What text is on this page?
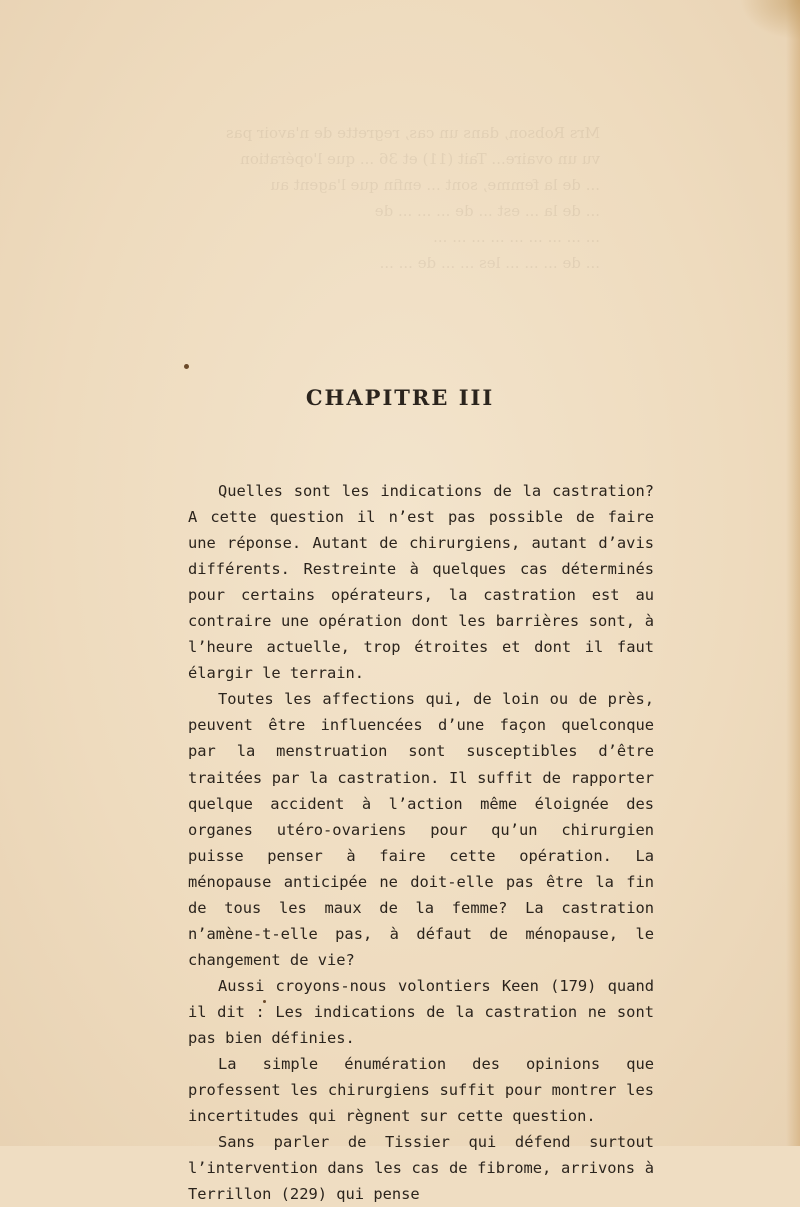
Mrs Robson, dans un cas, regrette de n'avoir pas
vu un ovaire... Tait (11) et 36 ... que l'opération
... de la femme, sont ... enfin que l'agent au
... de la ... est ... de ... ... ... de
... ... ... ... ... ... ... ... ...
... de ... ... ... les ... ... de ... ...
CHAPITRE III

Quelles sont les indications de la castration? A cette question il n’est pas possible de faire une réponse. Autant de chirurgiens, autant d’avis différents. Restreinte à quelques cas déterminés pour certains opérateurs, la castration est au contraire une opération dont les barrières sont, à l’heure actuelle, trop étroites et dont il faut élargir le terrain.

Toutes les affections qui, de loin ou de près, peuvent être influencées d’une façon quelconque par la menstruation sont susceptibles d’être traitées par la castration. Il suffit de rapporter quelque accident à l’action même éloignée des organes utéro-ovariens pour qu’un chirurgien puisse penser à faire cette opération. La ménopause anticipée ne doit-elle pas être la fin de tous les maux de la femme? La castration n’amène-t-elle pas, à défaut de ménopause, le changement de vie?

Aussi croyons-nous volontiers Keen (179) quand il dit : Les indications de la castration ne sont pas bien définies.

La simple énumération des opinions que professent les chirurgiens suffit pour montrer les incertitudes qui règnent sur cette question.

Sans parler de Tissier qui défend surtout l’intervention dans les cas de fibrome, arrivons à Terrillon (229) qui pense
